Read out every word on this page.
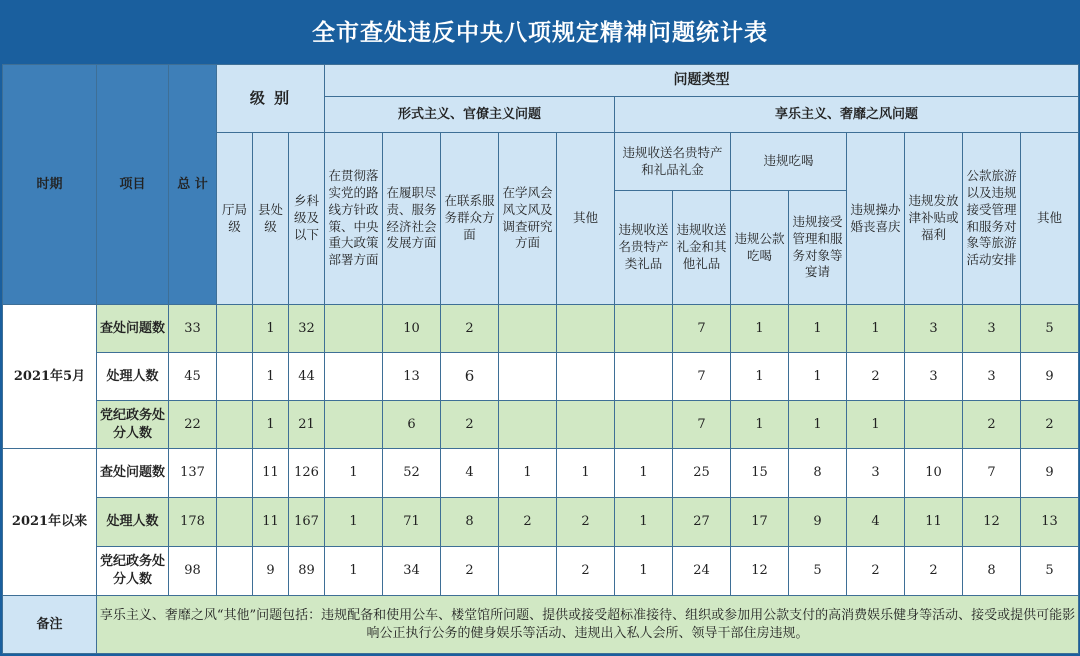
全市查处违反中央八项规定精神问题统计表
时期	项目	总 计	级 别			问题类型												
						形式主义、官僚主义问题					享乐主义、奢靡之风问题							
			厅局级	县处级	乡科级及以下	在贯彻落实党的路线方针政策、中央重大政策部署方面	在履职尽责、服务经济社会发展方面	在联系服务群众方面	在学风会风文风及调查研究方面	其他	违规收送名贵特产和礼品礼金		违规吃喝		违规操办婚丧喜庆	违规发放津补贴或福利	公款旅游以及违规接受管理和服务对象等旅游活动安排	其他
											违规收送名贵特产类礼品	违规收送礼金和其他礼品	违规公款吃喝	违规接受管理和服务对象等宴请				
2021年5月	查处问题数	33		1	32		10	2				7	1	1	1	3	3	5
	处理人数	45		1	44		13	6				7	1	1	2	3	3	9
	党纪政务处分人数	22		1	21		6	2				7	1	1	1		2	2
2021年以来	查处问题数	137		11	126	1	52	4	1	1	1	25	15	8	3	10	7	9
	处理人数	178		11	167	1	71	8	2	2	1	27	17	9	4	11	12	13
	党纪政务处分人数	98		9	89	1	34	2		2	1	24	12	5	2	2	8	5
备注	享乐主义、奢靡之风“其他”问题包括：违规配备和使用公车、楼堂馆所问题、提供或接受超标准接待、组织或参加用公款支付的高消费娱乐健身等活动、接受或提供可能影响公正执行公务的健身娱乐等活动、违规出入私人会所、领导干部住房违规。																	
